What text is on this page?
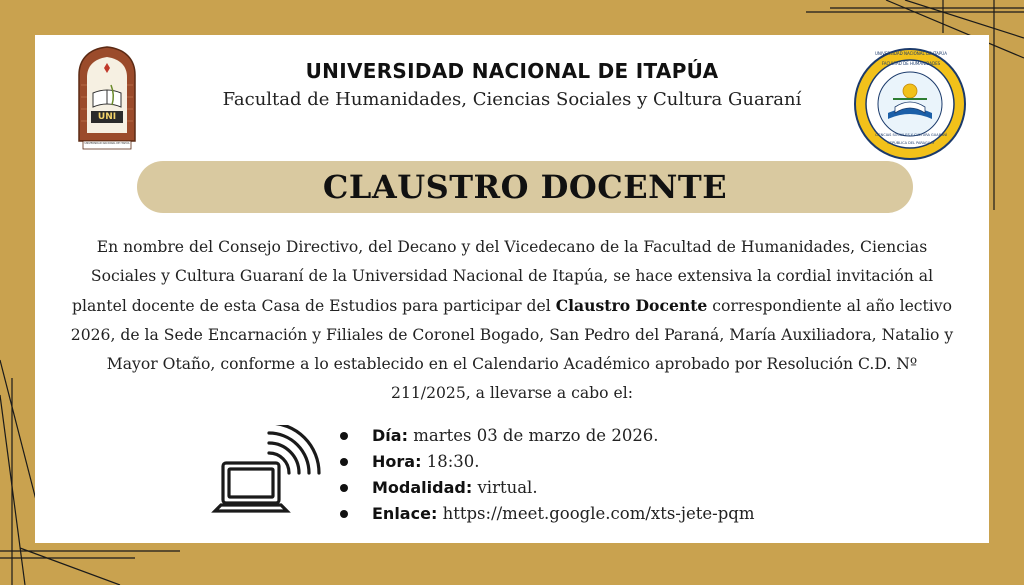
UNI
UNIVERSIDAD NACIONAL DE ITAPÚA
UNIVERSIDAD NACIONAL DE ITAPÚA
Facultad de Humanidades, Ciencias Sociales y Cultura Guaraní
UNIVERSIDAD NACIONAL DE ITAPÚA
FACULTAD DE HUMANIDADES
CIENCIAS SOCIALES Y CULTURA GUARANÍ
REPÚBLICA DEL PARAGUAY
CLAUSTRO DOCENTE
En nombre del Consejo Directivo, del Decano y del Vicedecano de la Facultad de Humanidades, Ciencias Sociales y Cultura Guaraní de la Universidad Nacional de Itapúa, se hace extensiva la cordial invitación al plantel docente de esta Casa de Estudios para participar del Claustro Docente correspondiente al año lectivo 2026, de la Sede Encarnación y Filiales de Coronel Bogado, San Pedro del Paraná, María Auxiliadora, Natalio y Mayor Otaño, conforme a lo establecido en el Calendario Académico aprobado por Resolución C.D. Nº 211/2025, a llevarse a cabo el:
Día: martes 03 de marzo de 2026.
Hora: 18:30.
Modalidad: virtual.
Enlace: https://meet.google.com/xts-jete-pqm
